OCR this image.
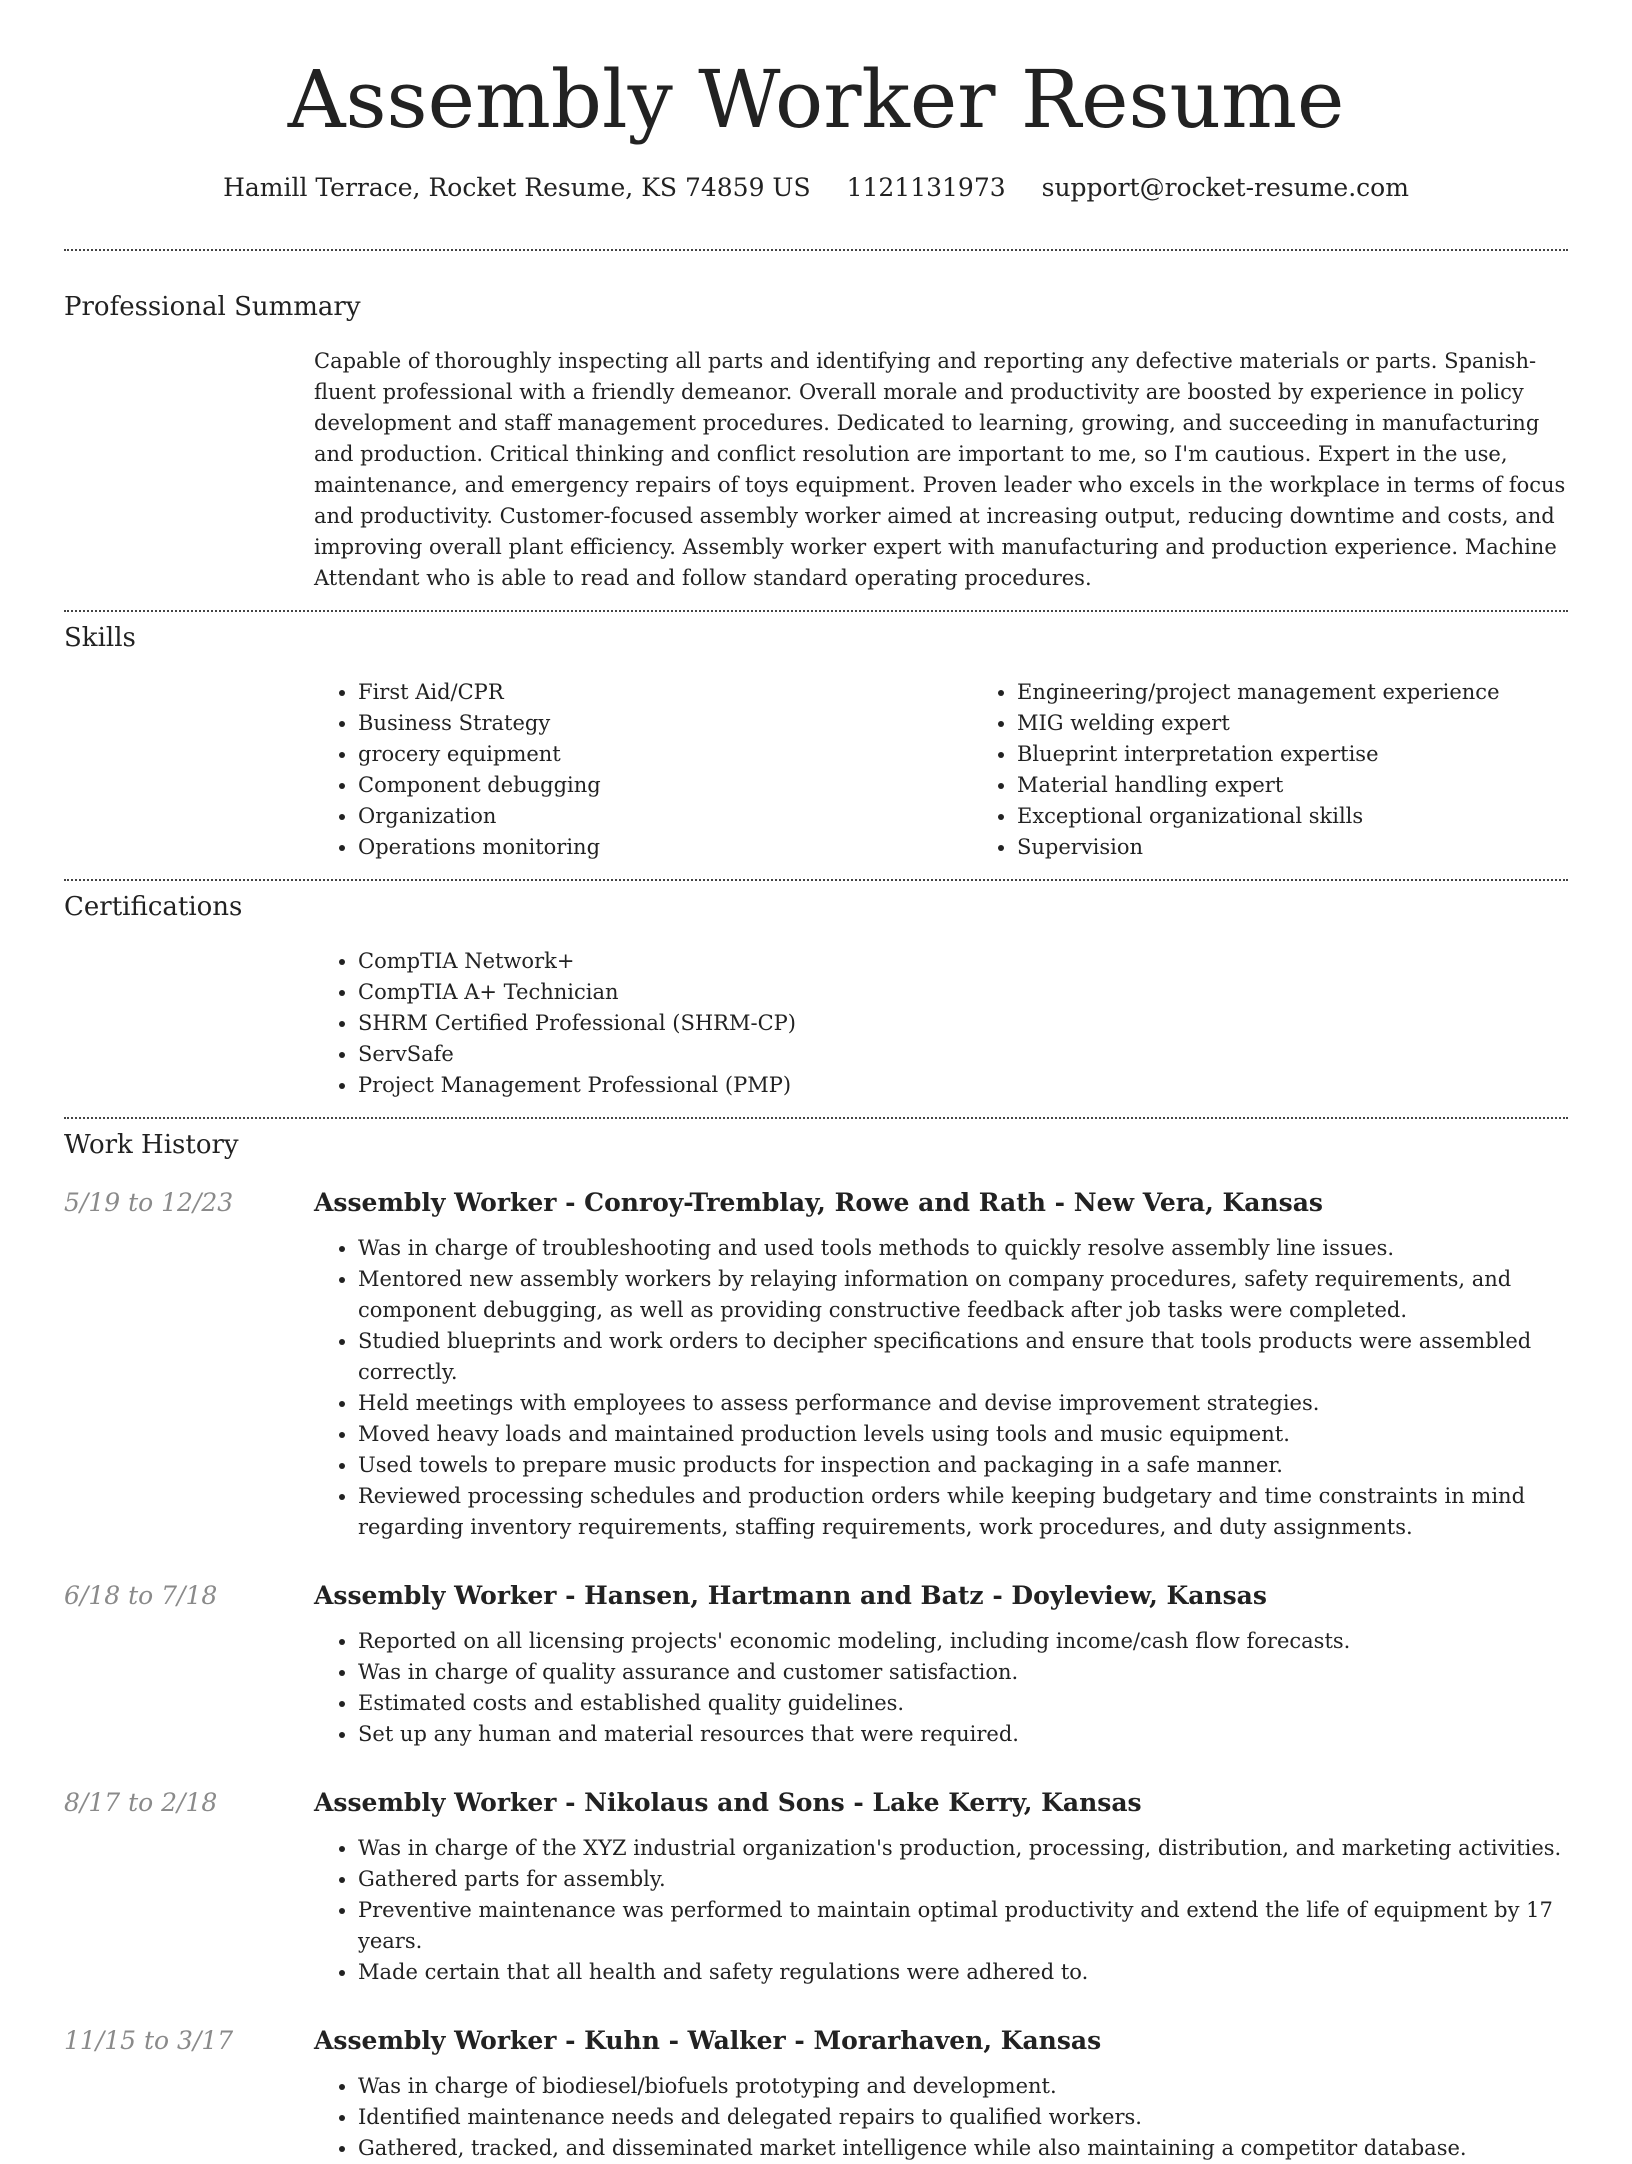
Assembly Worker Resume
Hamill Terrace, Rocket Resume, KS 74859 US 1121131973 support@rocket-resume.com
Professional Summary

Capable of thoroughly inspecting all parts and identifying and reporting any defective materials or parts. Spanish-fluent professional with a friendly demeanor. Overall morale and productivity are boosted by experience in policy development and staff management procedures. Dedicated to learning, growing, and succeeding in manufacturing and production. Critical thinking and conflict resolution are important to me, so I'm cautious. Expert in the use, maintenance, and emergency repairs of toys equipment. Proven leader who excels in the workplace in terms of focus and productivity. Customer-focused assembly worker aimed at increasing output, reducing downtime and costs, and improving overall plant efficiency. Assembly worker expert with manufacturing and production experience. Machine Attendant who is able to read and follow standard operating procedures.

Skills
• First Aid/CPR
• Business Strategy
• grocery equipment
• Component debugging
• Organization
• Operations monitoring
• Engineering/project management experience
• MIG welding expert
• Blueprint interpretation expertise
• Material handling expert
• Exceptional organizational skills
• Supervision
Certifications
• CompTIA Network+
• CompTIA A+ Technician
• SHRM Certified Professional (SHRM-CP)
• ServSafe
• Project Management Professional (PMP)
Work History
5/19 to 12/23	Assembly Worker - Conroy-Tremblay, Rowe and Rath - New Vera, Kansas
• Was in charge of troubleshooting and used tools methods to quickly resolve assembly line issues.
• Mentored new assembly workers by relaying information on company procedures, safety requirements, and component debugging, as well as providing constructive feedback after job tasks were completed.
• Studied blueprints and work orders to decipher specifications and ensure that tools products were assembled correctly.
• Held meetings with employees to assess performance and devise improvement strategies.
• Moved heavy loads and maintained production levels using tools and music equipment.
• Used towels to prepare music products for inspection and packaging in a safe manner.
• Reviewed processing schedules and production orders while keeping budgetary and time constraints in mind regarding inventory requirements, staffing requirements, work procedures, and duty assignments.
6/18 to 7/18	Assembly Worker - Hansen, Hartmann and Batz - Doyleview, Kansas
• Reported on all licensing projects' economic modeling, including income/cash flow forecasts.
• Was in charge of quality assurance and customer satisfaction.
• Estimated costs and established quality guidelines.
• Set up any human and material resources that were required.
8/17 to 2/18	Assembly Worker - Nikolaus and Sons - Lake Kerry, Kansas
• Was in charge of the XYZ industrial organization's production, processing, distribution, and marketing activities.
• Gathered parts for assembly.
• Preventive maintenance was performed to maintain optimal productivity and extend the life of equipment by 17 years.
• Made certain that all health and safety regulations were adhered to.
11/15 to 3/17	Assembly Worker - Kuhn - Walker - Morarhaven, Kansas
• Was in charge of biodiesel/biofuels prototyping and development.
• Identified maintenance needs and delegated repairs to qualified workers.
• Gathered, tracked, and disseminated market intelligence while also maintaining a competitor database.
